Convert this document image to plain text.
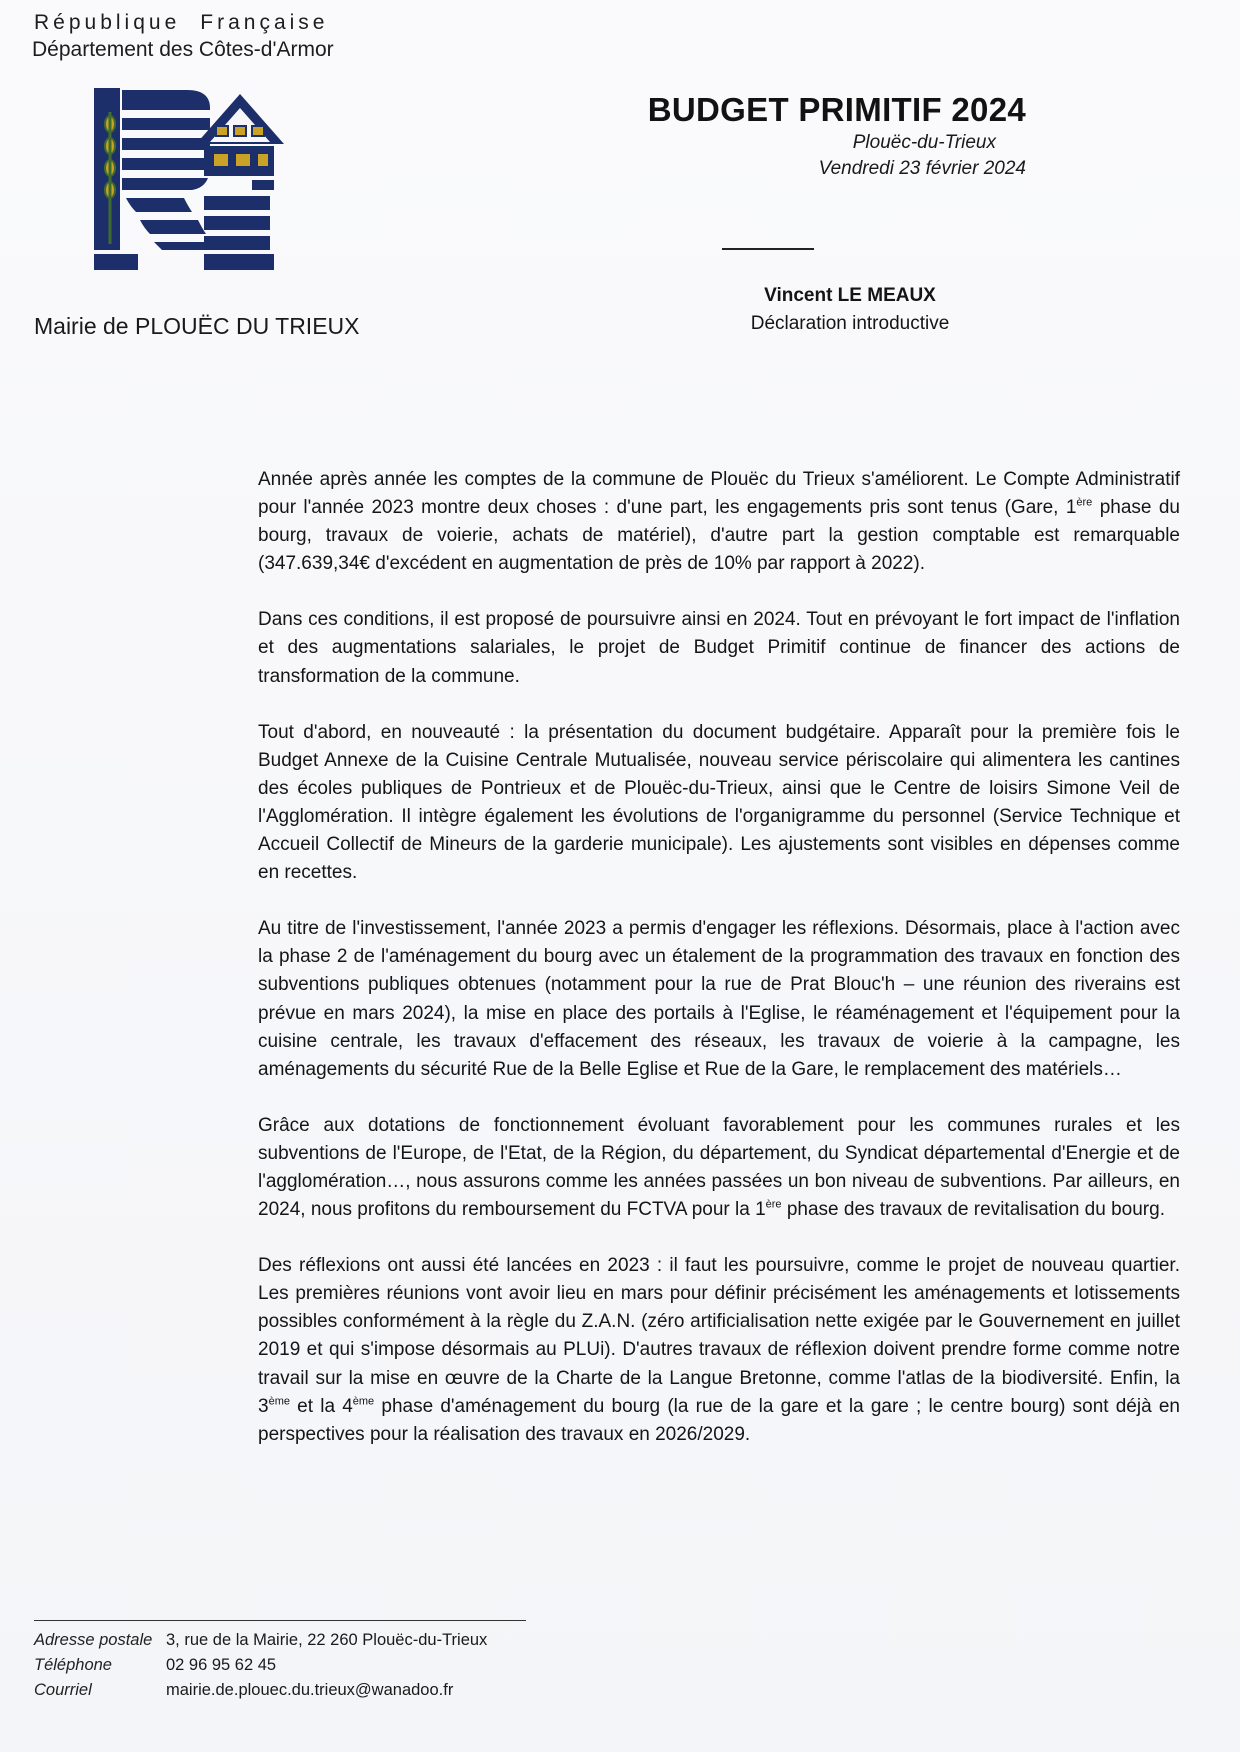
République Française
Département des Côtes-d'Armor
Mairie de PLOUËC DU TRIEUX
BUDGET PRIMITIF 2024
Plouëc-du-Trieux
Vendredi 23 février 2024
Vincent LE MEAUX
Déclaration introductive

Année après année les comptes de la commune de Plouëc du Trieux s'améliorent. Le Compte Administratif pour l'année 2023 montre deux choses : d'une part, les engagements pris sont tenus (Gare, 1ère phase du bourg, travaux de voierie, achats de matériel), d'autre part la gestion comptable est remarquable (347.639,34€ d'excédent en augmentation de près de 10% par rapport à 2022).

Dans ces conditions, il est proposé de poursuivre ainsi en 2024. Tout en prévoyant le fort impact de l'inflation et des augmentations salariales, le projet de Budget Primitif continue de financer des actions de transformation de la commune.

Tout d'abord, en nouveauté : la présentation du document budgétaire. Apparaît pour la première fois le Budget Annexe de la Cuisine Centrale Mutualisée, nouveau service périscolaire qui alimentera les cantines des écoles publiques de Pontrieux et de Plouëc-du-Trieux, ainsi que le Centre de loisirs Simone Veil de l'Agglomération. Il intègre également les évolutions de l'organigramme du personnel (Service Technique et Accueil Collectif de Mineurs de la garderie municipale). Les ajustements sont visibles en dépenses comme en recettes.

Au titre de l'investissement, l'année 2023 a permis d'engager les réflexions. Désormais, place à l'action avec la phase 2 de l'aménagement du bourg avec un étalement de la programmation des travaux en fonction des subventions publiques obtenues (notamment pour la rue de Prat Blouc'h – une réunion des riverains est prévue en mars 2024), la mise en place des portails à l'Eglise, le réaménagement et l'équipement pour la cuisine centrale, les travaux d'effacement des réseaux, les travaux de voierie à la campagne, les aménagements du sécurité Rue de la Belle Eglise et Rue de la Gare, le remplacement des matériels…

Grâce aux dotations de fonctionnement évoluant favorablement pour les communes rurales et les subventions de l'Europe, de l'Etat, de la Région, du département, du Syndicat départemental d'Energie et de l'agglomération…, nous assurons comme les années passées un bon niveau de subventions. Par ailleurs, en 2024, nous profitons du remboursement du FCTVA pour la 1ère phase des travaux de revitalisation du bourg.

Des réflexions ont aussi été lancées en 2023 : il faut les poursuivre, comme le projet de nouveau quartier. Les premières réunions vont avoir lieu en mars pour définir précisément les aménagements et lotissements possibles conformément à la règle du Z.A.N. (zéro artificialisation nette exigée par le Gouvernement en juillet 2019 et qui s'impose désormais au PLUi). D'autres travaux de réflexion doivent prendre forme comme notre travail sur la mise en œuvre de la Charte de la Langue Bretonne, comme l'atlas de la biodiversité. Enfin, la 3ème et la 4ème phase d'aménagement du bourg (la rue de la gare et la gare ; le centre bourg) sont déjà en perspectives pour la réalisation des travaux en 2026/2029.

Adresse postale 3, rue de la Mairie, 22 260 Plouëc-du-Trieux
Téléphone	02 96 95 62 45
Courriel	mairie.de.plouec.du.trieux@wanadoo.fr
